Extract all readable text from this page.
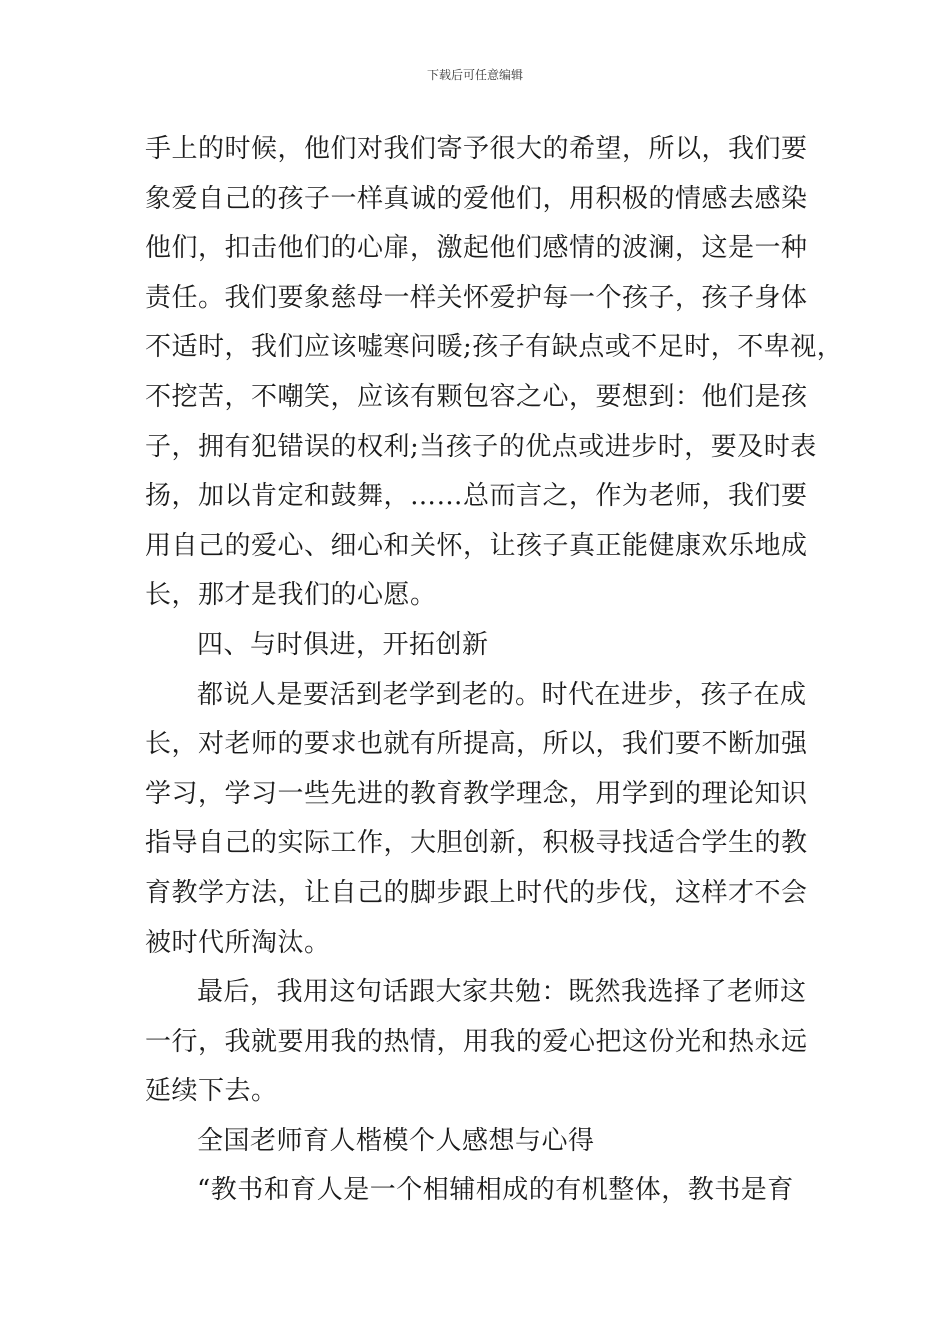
下载后可任意编辑
手上的时候，他们对我们寄予很大的希望，所以，我们要
象爱自己的孩子一样真诚的爱他们，用积极的情感去感染
他们，扣击他们的心扉，激起他们感情的波澜，这是一种
责任。我们要象慈母一样关怀爱护每一个孩子，孩子身体
不适时，我们应该嘘寒问暖;孩子有缺点或不足时，不卑视，
不挖苦，不嘲笑，应该有颗包容之心，要想到：他们是孩
子，拥有犯错误的权利;当孩子的优点或进步时，要及时表
扬，加以肯定和鼓舞，……总而言之，作为老师，我们要
用自己的爱心、细心和关怀，让孩子真正能健康欢乐地成
长，那才是我们的心愿。
四、与时俱进，开拓创新
都说人是要活到老学到老的。时代在进步，孩子在成
长，对老师的要求也就有所提高，所以，我们要不断加强
学习，学习一些先进的教育教学理念，用学到的理论知识
指导自己的实际工作，大胆创新，积极寻找适合学生的教
育教学方法，让自己的脚步跟上时代的步伐，这样才不会
被时代所淘汰。
最后，我用这句话跟大家共勉：既然我选择了老师这
一行，我就要用我的热情，用我的爱心把这份光和热永远
延续下去。
全国老师育人楷模个人感想与心得
“教书和育人是一个相辅相成的有机整体，教书是育
